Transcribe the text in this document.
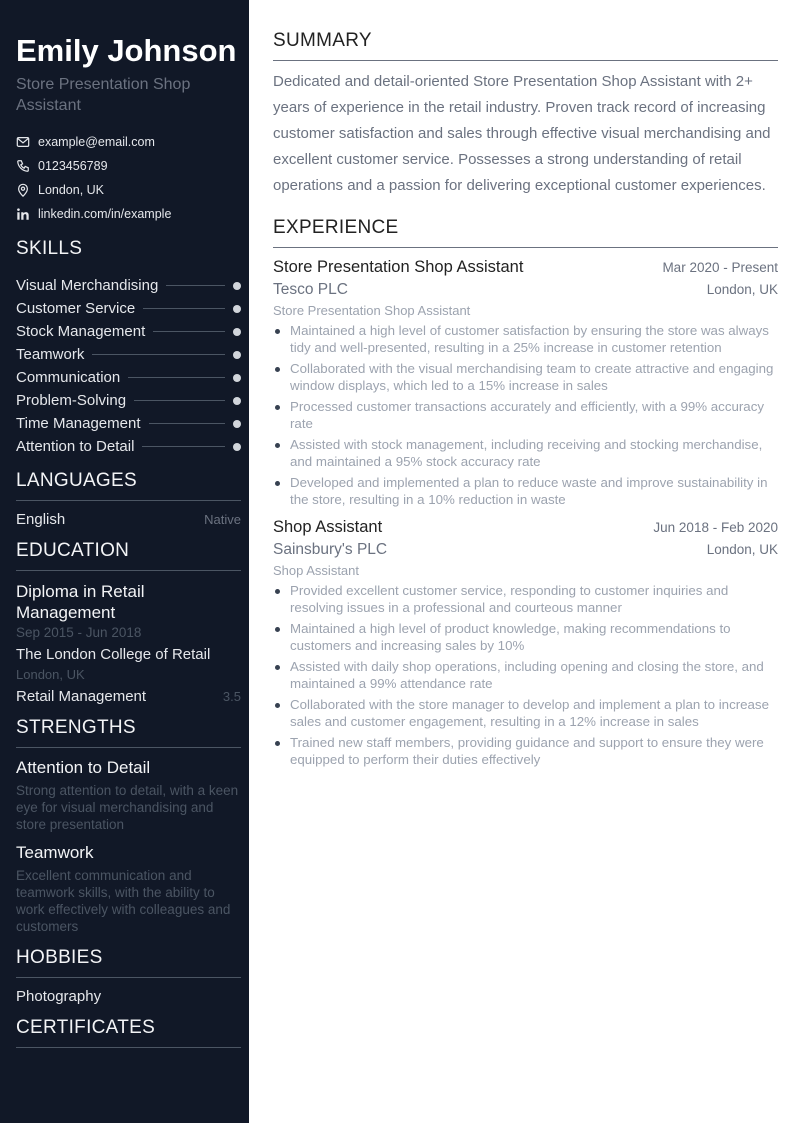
Emily Johnson
Store Presentation Shop Assistant
example@email.com
0123456789
London, UK
linkedin.com/in/example
SKILLS
Visual Merchandising
Customer Service
Stock Management
Teamwork
Communication
Problem-Solving
Time Management
Attention to Detail
LANGUAGES
English	Native
EDUCATION
Diploma in Retail Management
Sep 2015 - Jun 2018
The London College of Retail
London, UK
Retail Management	3.5
STRENGTHS
Attention to Detail
Strong attention to detail, with a keen eye for visual merchandising and store presentation
Teamwork
Excellent communication and teamwork skills, with the ability to work effectively with colleagues and customers
HOBBIES
Photography
CERTIFICATES
SUMMARY

Dedicated and detail-oriented Store Presentation Shop Assistant with 2+ years of experience in the retail industry. Proven track record of increasing customer satisfaction and sales through effective visual merchandising and excellent customer service. Possesses a strong understanding of retail operations and a passion for delivering exceptional customer experiences.

EXPERIENCE
Store Presentation Shop Assistant	Mar 2020 - Present
Tesco PLC	London, UK
Store Presentation Shop Assistant
Maintained a high level of customer satisfaction by ensuring the store was always tidy and well-presented, resulting in a 25% increase in customer retention
Collaborated with the visual merchandising team to create attractive and engaging window displays, which led to a 15% increase in sales
Processed customer transactions accurately and efficiently, with a 99% accuracy rate
Assisted with stock management, including receiving and stocking merchandise, and maintained a 95% stock accuracy rate
Developed and implemented a plan to reduce waste and improve sustainability in the store, resulting in a 10% reduction in waste
Shop Assistant	Jun 2018 - Feb 2020
Sainsbury's PLC	London, UK
Shop Assistant
Provided excellent customer service, responding to customer inquiries and resolving issues in a professional and courteous manner
Maintained a high level of product knowledge, making recommendations to customers and increasing sales by 10%
Assisted with daily shop operations, including opening and closing the store, and maintained a 99% attendance rate
Collaborated with the store manager to develop and implement a plan to increase sales and customer engagement, resulting in a 12% increase in sales
Trained new staff members, providing guidance and support to ensure they were equipped to perform their duties effectively
